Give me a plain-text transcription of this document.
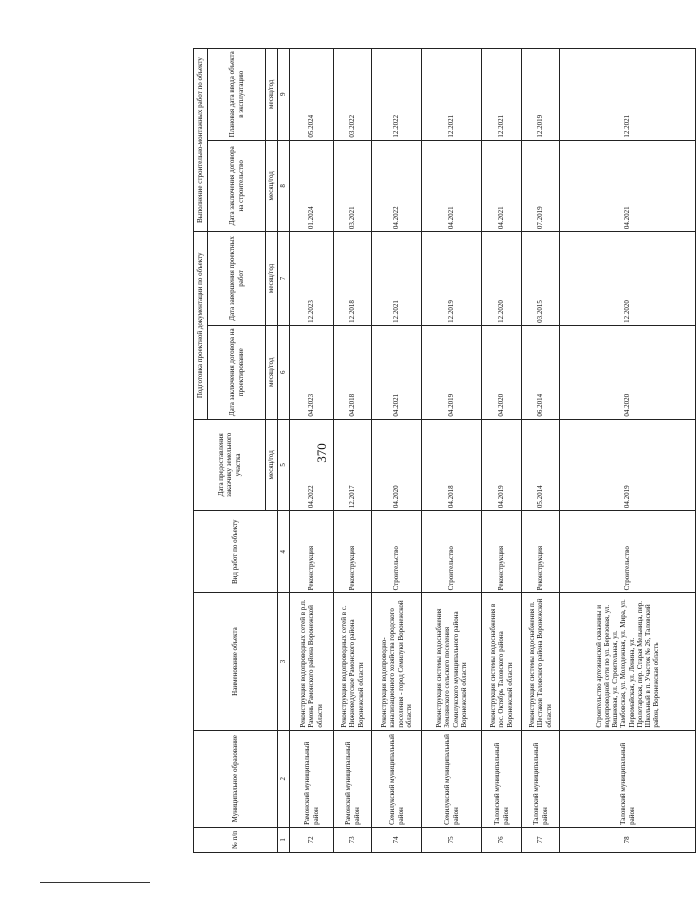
370
№ п/п	Муниципальное образование	Наименование объекта	Вид работ по объекту	Дата предоставления заказчику земельного участка	Подготовка проектной документации по объекту		Выполнение строительно-монтажных работ по объекту	
					Дата заключения договора на проектирование	Дата завершения проектных работ	Дата заключения договора на строительство	Плановая дата ввода объекта в эксплуатацию
				месяц/год	месяц/год	месяц/год	месяц/год	месяц/год
1	2	3	4	5	6	7	8	9
72	Рамонский муниципальный район	Реконструкция водопроводных сетей в р.п. Рамонь Рамонского района Воронежской области	Реконструкция	04.2022	04.2023	12.2023	01.2024	05.2024
73	Рамонский муниципальный район	Реконструкция водопроводных сетей в с. Нижневедугское Рамонского района Воронежской области	Реконструкция	12.2017	04.2018	12.2018	03.2021	03.2022
74	Семилукский муниципальный район	Реконструкция водопроводно-канализационного хозяйства городского поселения - город Семилуки Воронежской области	Строительство	04.2020	04.2021	12.2021	04.2022	12.2022
75	Семилукский муниципальный район	Реконструкция системы водоснабжения Землянского сельского поселения Семилукского муниципального района Воронежской области	Строительство	04.2018	04.2019	12.2019	04.2021	12.2021
76	Таловский муниципальный район	Реконструкция системы водоснабжения в пос. Октябрь Таловского района Воронежской области	Реконструкция	04.2019	04.2020	12.2020	04.2021	12.2021
77	Таловский муниципальный район	Реконструкция системы водоснабжения п. Шестаков Таловского района Воронежской области	Реконструкция	05.2014	06.2014	03.2015	07.2019	12.2019
78	Таловский муниципальный район	Строительство артезианской скважины и водопроводной сети по ул. Березовая, ул. Вишневая, ул. Строительная, ул. Тамбовская, ул. Молодежная, ул. Мира, ул. Первомайская, ул. Ленина, ул. Пролетарская, пер. Старая Мельница, пер. Школьный в п. Участок № 26, Таловский район, Воронежская область	Строительство	04.2019	04.2020	12.2020	04.2021	12.2021
